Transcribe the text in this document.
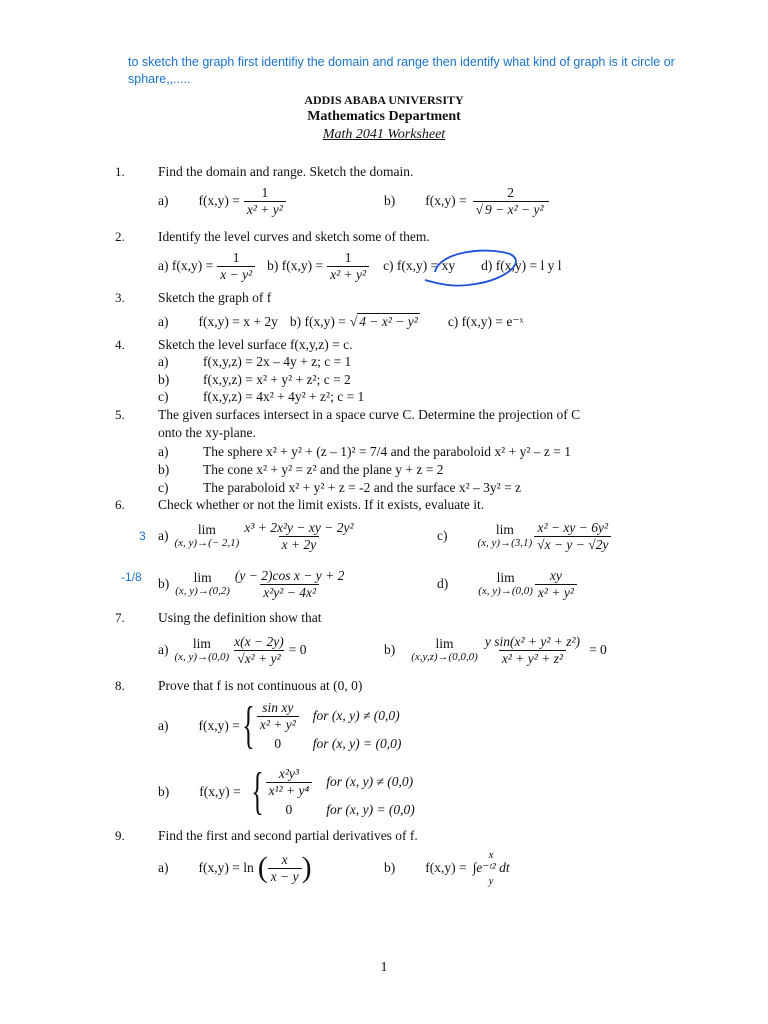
to sketch the graph first identifiy the domain and range then identify what kind of graph is it circle or
sphare,,.....
ADDIS ABABA UNIVERSITY
Mathematics Department
Math 2041 Worksheet
1. Find the domain and range. Sketch the domain.
a) $f(x,y) = \frac{1}{\text{x² + y²}}$	b) $f(x,y) = \frac{2}{\text{√ 9 − x² − y²}}$
2. Identify the level curves and sketch some of them.
a) $f(x,y) = \frac{1}{\text{x − y²}} b$) $f(x,y) = \frac{1}{\text{x² + y²}} c$) f(x,y) = xy d) f(x,y) = l y l
3. Sketch the graph of f
a) f(x,y) = x + 2y b) f(x,y) = √ 4 − x² − y² c) f(x,y) = e⁻ˣ
4. Sketch the level surface f(x,y,z) = c.
a)	f(x,y,z) = 2x – 4y + z; c = 1
b)	f(x,y,z) = x² + y² + z²; c = 2
c)	f(x,y,z) = 4x² + 4y² + z²; c = 1
5. The given surfaces intersect in a space curve C. Determine the projection of C
onto the xy-plane.
a)	The sphere x² + y² + (z – 1)² = 7/4 and the paraboloid x² + y² – z = 1
b)	The cone x² + y² = z² and the plane y + z = 2
c)	The paraboloid x² + y² + z = -2 and the surface x² – 3y² = z
6. Check whether or not the limit exists. If it exists, evaluate it.
3
-1/8
a) lim
(x, $y)\to(- 2,1) \frac{\text{x³ + 2x²y − xy − 2y²}}{x + 2y}$	c)	lim
(x, $y)\to(3,1) \frac{\text{x² − xy − 6y²}}{√x - y - √2y}$
b) lim
(x, $y)\to(0,2) \frac{\text{(y − 2)cos x − y + 2}}{\text{x²y² − 4x²}}$	d)	lim
(x, $y)\to(0,0) \frac{xy}{\text{x² + y²}}$
7. Using the definition show that
a) lim
(x, $y)\to(0,0) \frac{x(x - 2y)}{\text{√x² + y²}} = 0$	b)	lim
$(x,y,z)\to(0,0,0) \frac{\text{y sin(x² + y² + z²)}}{\text{x² + y² + z²}} = 0$
8. Prove that f is not continuous at (0, 0)
a) f(x,y) = { $\frac{\text{sin xy}}{\text{x² + y²}}$ for (x, y) ≠ (0,0)
0	for (x, y) = (0,0)
b) f(x,y) = { $\frac{\text{x²y³}}{\text{x¹² + y⁴}}$ for (x, y) ≠ (0,0)
0	for (x, y) = (0,0)
9. Find the first and second partial derivatives of f.
a) f(x,y) = ln ( $\frac{x}{x - y}$ )	b) f(x,y) =
x
∫e⁻ᵗ² dt
y
1
